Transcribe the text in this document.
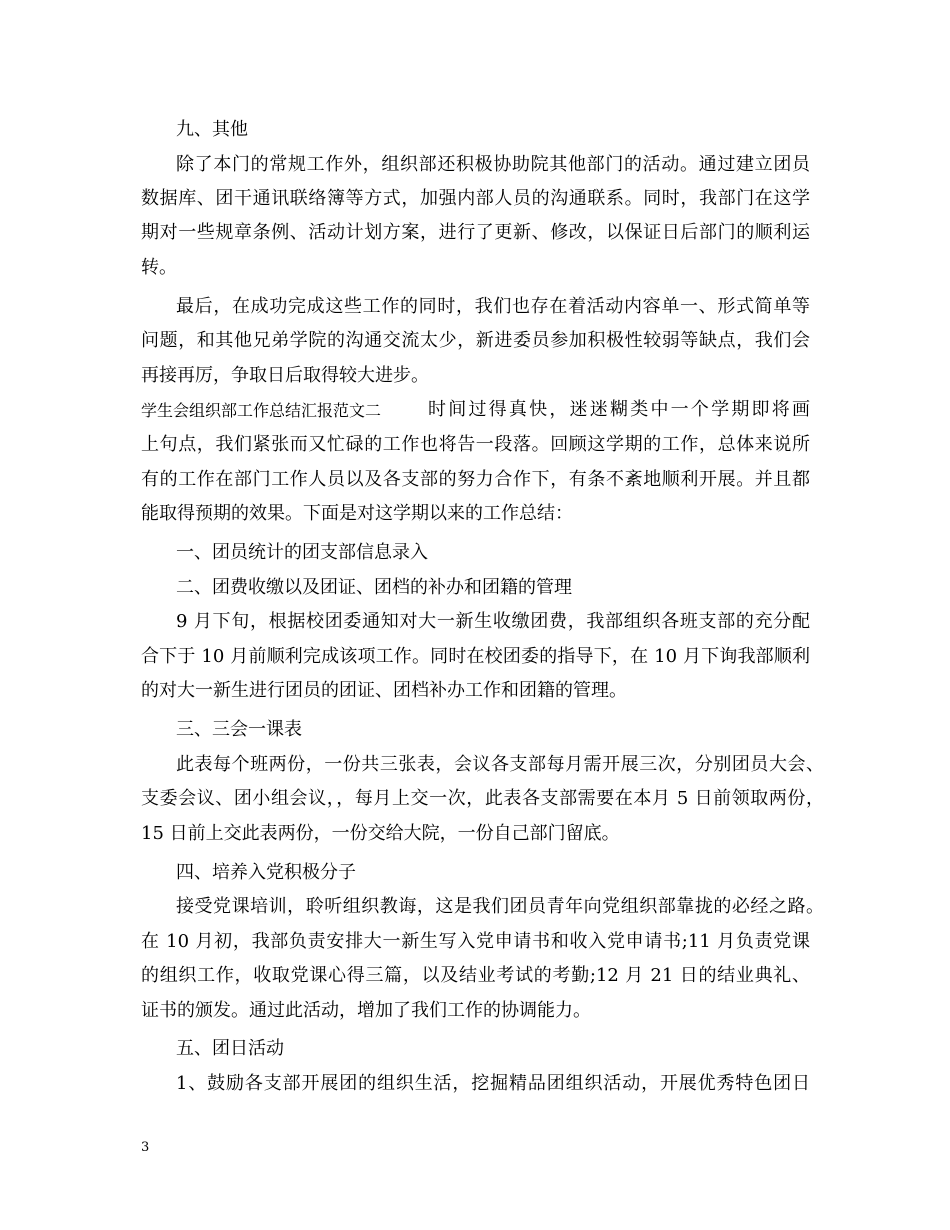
九、其他
除了本门的常规工作外，组织部还积极协助院其他部门的活动。通过建立团员
数据库、团干通讯联络簿等方式，加强内部人员的沟通联系。同时，我部门在这学
期对一些规章条例、活动计划方案，进行了更新、修改，以保证日后部门的顺利运
转。
最后，在成功完成这些工作的同时，我们也存在着活动内容单一、形式简单等
问题，和其他兄弟学院的沟通交流太少，新进委员参加积极性较弱等缺点，我们会
再接再厉，争取日后取得较大进步。
学生会组织部工作总结汇报范文二	时间过得真快，迷迷糊类中一个学期即将画
上句点，我们紧张而又忙碌的工作也将告一段落。回顾这学期的工作，总体来说所
有的工作在部门工作人员以及各支部的努力合作下，有条不紊地顺利开展。并且都
能取得预期的效果。下面是对这学期以来的工作总结：
一、团员统计的团支部信息录入
二、团费收缴以及团证、团档的补办和团籍的管理
9 月下旬，根据校团委通知对大一新生收缴团费，我部组织各班支部的充分配
合下于 10 月前顺利完成该项工作。同时在校团委的指导下，在 10 月下询我部顺利
的对大一新生进行团员的团证、团档补办工作和团籍的管理。
三、三会一课表
此表每个班两份，一份共三张表，会议各支部每月需开展三次，分别团员大会、
支委会议、团小组会议，，每月上交一次，此表各支部需要在本月 5 日前领取两份，
15 日前上交此表两份，一份交给大院，一份自己部门留底。
四、培养入党积极分子
接受党课培训，聆听组织教诲，这是我们团员青年向党组织部靠拢的必经之路。
在 10 月初，我部负责安排大一新生写入党申请书和收入党申请书;11 月负责党课
的组织工作，收取党课心得三篇，以及结业考试的考勤;12 月 21 日的结业典礼、
证书的颁发。通过此活动，增加了我们工作的协调能力。
五、团日活动
1、鼓励各支部开展团的组织生活，挖掘精品团组织活动，开展优秀特色团日
3
